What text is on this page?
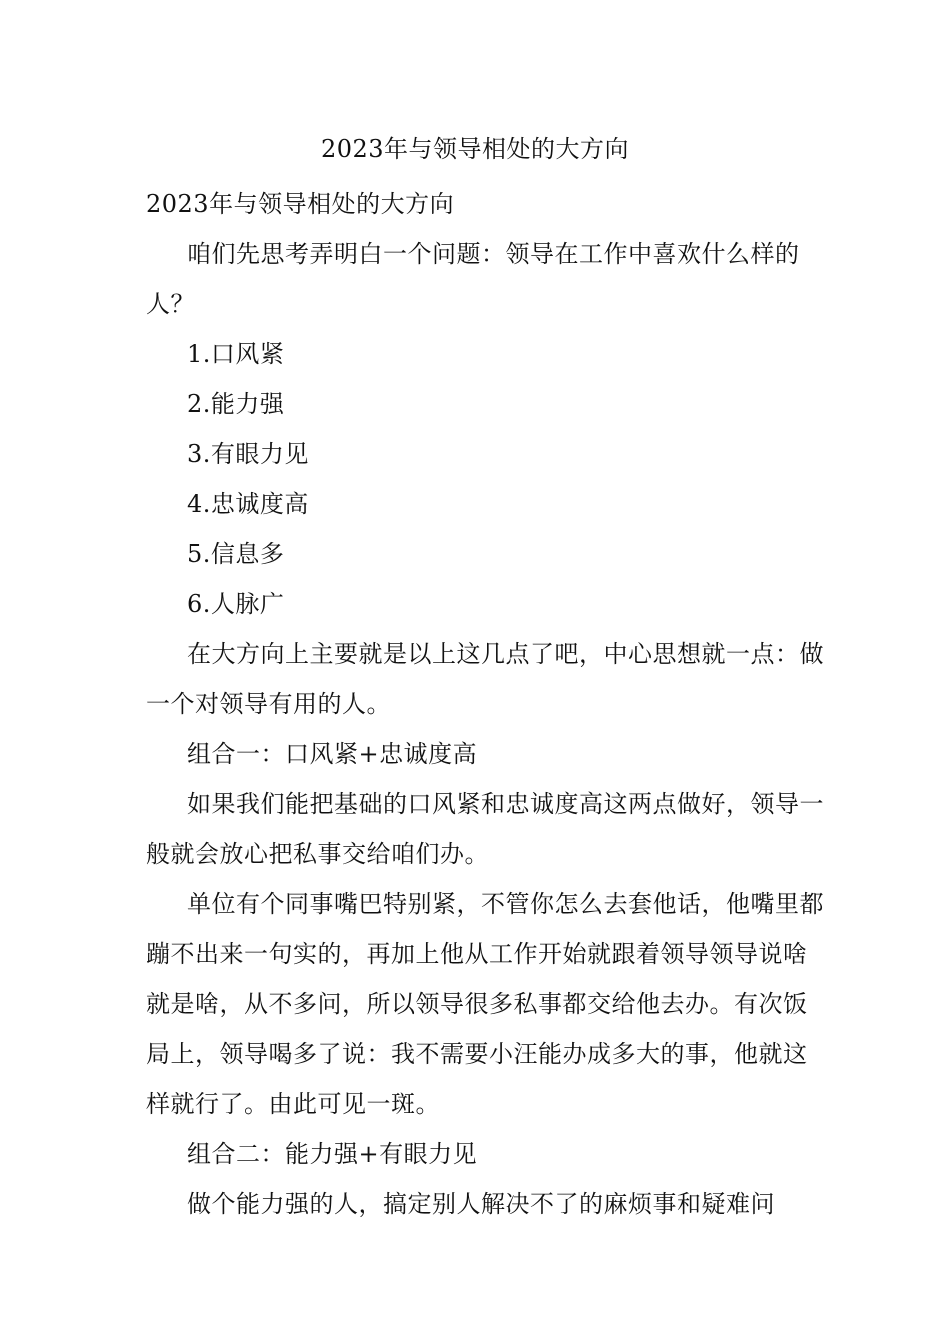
2023年与领导相处的大方向

2023年与领导相处的大方向

咱们先思考弄明白一个问题：领导在工作中喜欢什么样的人？

1.口风紧

2.能力强

3.有眼力见

4.忠诚度高

5.信息多

6.人脉广

在大方向上主要就是以上这几点了吧，中心思想就一点：做一个对领导有用的人。

组合一：口风紧+忠诚度高

如果我们能把基础的口风紧和忠诚度高这两点做好，领导一般就会放心把私事交给咱们办。

单位有个同事嘴巴特别紧，不管你怎么去套他话，他嘴里都蹦不出来一句实的，再加上他从工作开始就跟着领导领导说啥就是啥，从不多问，所以领导很多私事都交给他去办。有次饭局上，领导喝多了说：我不需要小汪能办成多大的事，他就这样就行了。由此可见一斑。

组合二：能力强+有眼力见

做个能力强的人，搞定别人解决不了的麻烦事和疑难问
